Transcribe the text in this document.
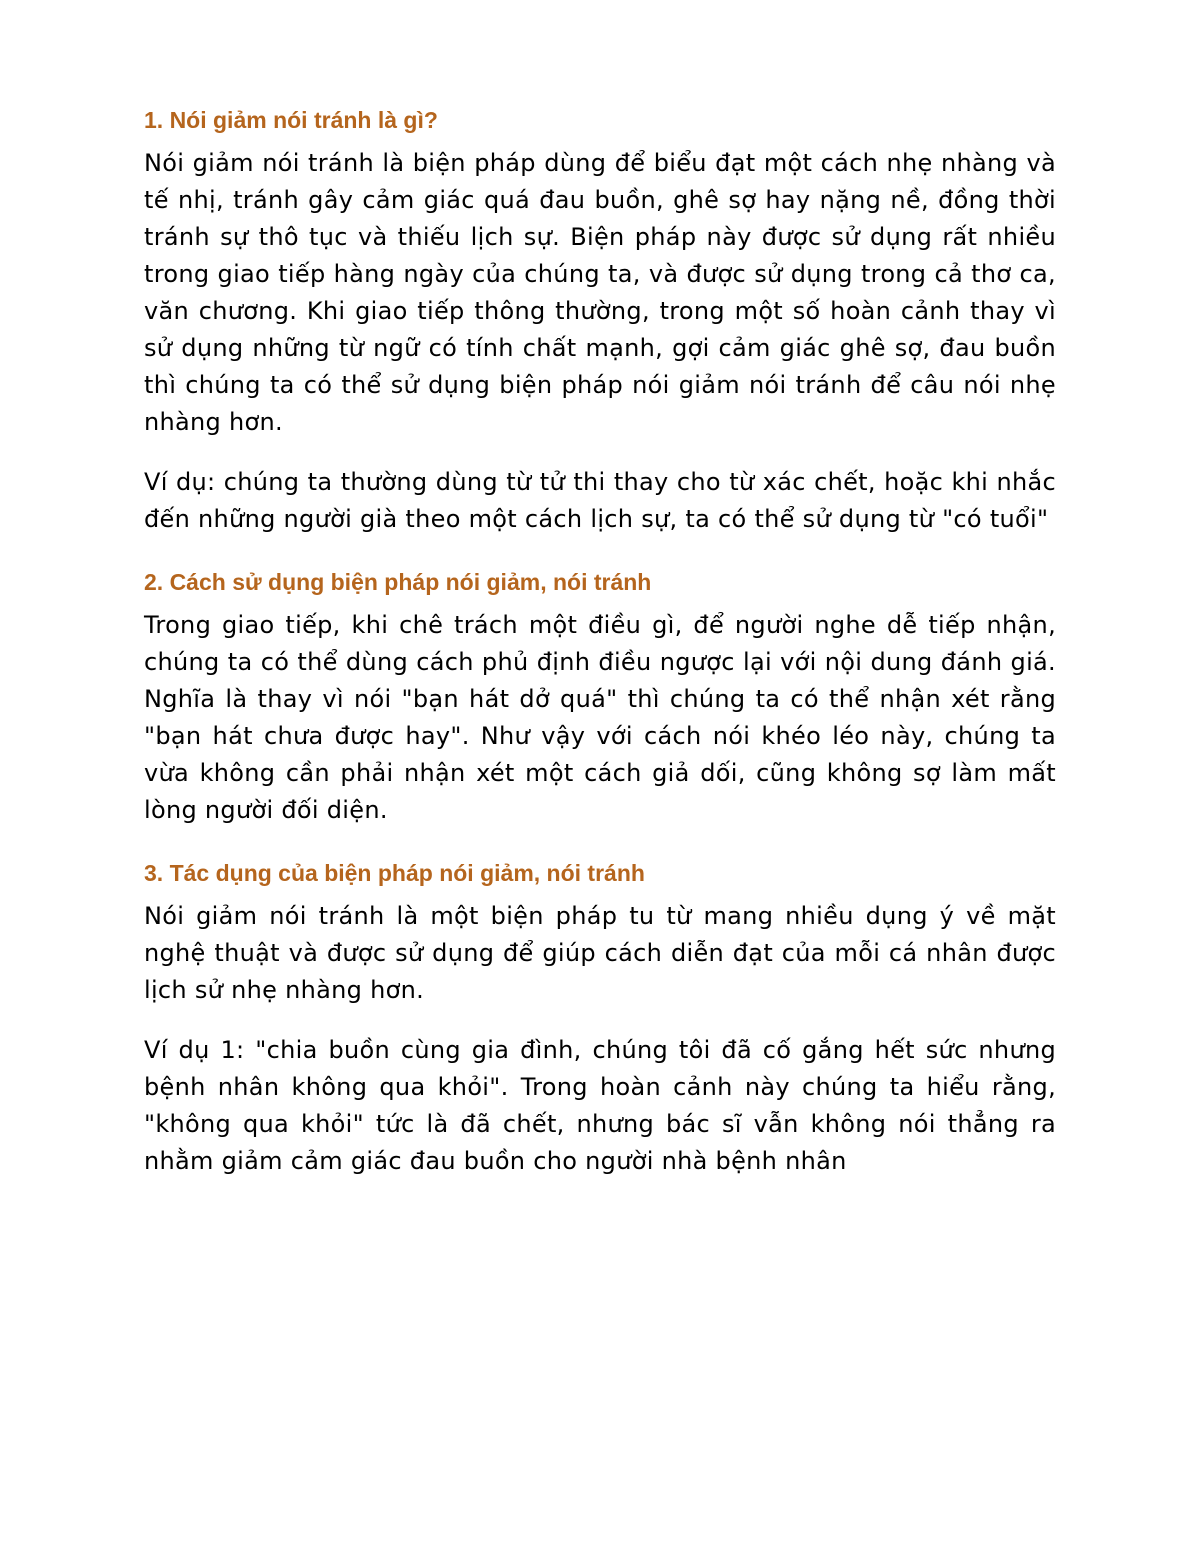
1. Nói giảm nói tránh là gì?

Nói giảm nói tránh là biện pháp dùng để biểu đạt một cách nhẹ nhàng và tế nhị, tránh gây cảm giác quá đau buồn, ghê sợ hay nặng nề, đồng thời tránh sự thô tục và thiếu lịch sự. Biện pháp này được sử dụng rất nhiều trong giao tiếp hàng ngày của chúng ta, và được sử dụng trong cả thơ ca, văn chương. Khi giao tiếp thông thường, trong một số hoàn cảnh thay vì sử dụng những từ ngữ có tính chất mạnh, gợi cảm giác ghê sợ, đau buồn thì chúng ta có thể sử dụng biện pháp nói giảm nói tránh để câu nói nhẹ nhàng hơn.

Ví dụ: chúng ta thường dùng từ tử thi thay cho từ xác chết, hoặc khi nhắc đến những người già theo một cách lịch sự, ta có thể sử dụng từ "có tuổi"

2. Cách sử dụng biện pháp nói giảm, nói tránh

Trong giao tiếp, khi chê trách một điều gì, để người nghe dễ tiếp nhận, chúng ta có thể dùng cách phủ định điều ngược lại với nội dung đánh giá. Nghĩa là thay vì nói "bạn hát dở quá" thì chúng ta có thể nhận xét rằng "bạn hát chưa được hay". Như vậy với cách nói khéo léo này, chúng ta vừa không cần phải nhận xét một cách giả dối, cũng không sợ làm mất lòng người đối diện.

3. Tác dụng của biện pháp nói giảm, nói tránh

Nói giảm nói tránh là một biện pháp tu từ mang nhiều dụng ý về mặt nghệ thuật và được sử dụng để giúp cách diễn đạt của mỗi cá nhân được lịch sử nhẹ nhàng hơn.

Ví dụ 1: "chia buồn cùng gia đình, chúng tôi đã cố gắng hết sức nhưng bệnh nhân không qua khỏi". Trong hoàn cảnh này chúng ta hiểu rằng, "không qua khỏi" tức là đã chết, nhưng bác sĩ vẫn không nói thẳng ra nhằm giảm cảm giác đau buồn cho người nhà bệnh nhân
